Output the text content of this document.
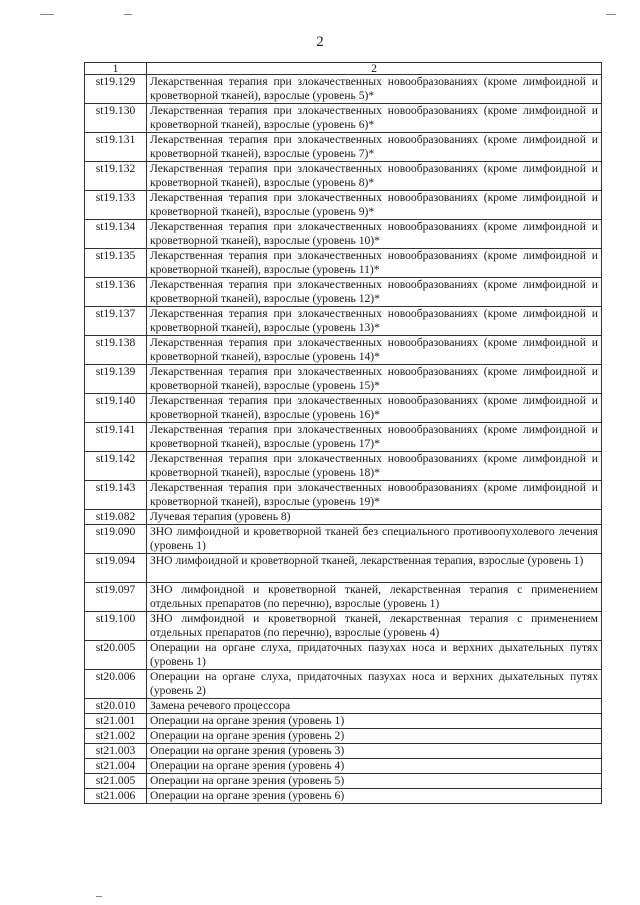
2
1	2
st19.129	Лекарственная терапия при злокачественных новообразованиях (кроме лимфоидной и кроветворной тканей), взрослые (уровень 5)*
st19.130	Лекарственная терапия при злокачественных новообразованиях (кроме лимфоидной и кроветворной тканей), взрослые (уровень 6)*
st19.131	Лекарственная терапия при злокачественных новообразованиях (кроме лимфоидной и кроветворной тканей), взрослые (уровень 7)*
st19.132	Лекарственная терапия при злокачественных новообразованиях (кроме лимфоидной и кроветворной тканей), взрослые (уровень 8)*
st19.133	Лекарственная терапия при злокачественных новообразованиях (кроме лимфоидной и кроветворной тканей), взрослые (уровень 9)*
st19.134	Лекарственная терапия при злокачественных новообразованиях (кроме лимфоидной и кроветворной тканей), взрослые (уровень 10)*
st19.135	Лекарственная терапия при злокачественных новообразованиях (кроме лимфоидной и кроветворной тканей), взрослые (уровень 11)*
st19.136	Лекарственная терапия при злокачественных новообразованиях (кроме лимфоидной и кроветворной тканей), взрослые (уровень 12)*
st19.137	Лекарственная терапия при злокачественных новообразованиях (кроме лимфоидной и кроветворной тканей), взрослые (уровень 13)*
st19.138	Лекарственная терапия при злокачественных новообразованиях (кроме лимфоидной и кроветворной тканей), взрослые (уровень 14)*
st19.139	Лекарственная терапия при злокачественных новообразованиях (кроме лимфоидной и кроветворной тканей), взрослые (уровень 15)*
st19.140	Лекарственная терапия при злокачественных новообразованиях (кроме лимфоидной и кроветворной тканей), взрослые (уровень 16)*
st19.141	Лекарственная терапия при злокачественных новообразованиях (кроме лимфоидной и кроветворной тканей), взрослые (уровень 17)*
st19.142	Лекарственная терапия при злокачественных новообразованиях (кроме лимфоидной и кроветворной тканей), взрослые (уровень 18)*
st19.143	Лекарственная терапия при злокачественных новообразованиях (кроме лимфоидной и кроветворной тканей), взрослые (уровень 19)*
st19.082	Лучевая терапия (уровень 8)
st19.090	ЗНО лимфоидной и кроветворной тканей без специального противоопухолевого лечения (уровень 1)
st19.094	ЗНО лимфоидной и кроветворной тканей, лекарственная терапия, взрослые (уровень 1)
st19.097	ЗНО лимфоидной и кроветворной тканей, лекарственная терапия с применением отдельных препаратов (по перечню), взрослые (уровень 1)
st19.100	ЗНО лимфоидной и кроветворной тканей, лекарственная терапия с применением отдельных препаратов (по перечню), взрослые (уровень 4)
st20.005	Операции на органе слуха, придаточных пазухах носа и верхних дыхательных путях (уровень 1)
st20.006	Операции на органе слуха, придаточных пазухах носа и верхних дыхательных путях (уровень 2)
st20.010	Замена речевого процессора
st21.001	Операции на органе зрения (уровень 1)
st21.002	Операции на органе зрения (уровень 2)
st21.003	Операции на органе зрения (уровень 3)
st21.004	Операции на органе зрения (уровень 4)
st21.005	Операции на органе зрения (уровень 5)
st21.006	Операции на органе зрения (уровень 6)
